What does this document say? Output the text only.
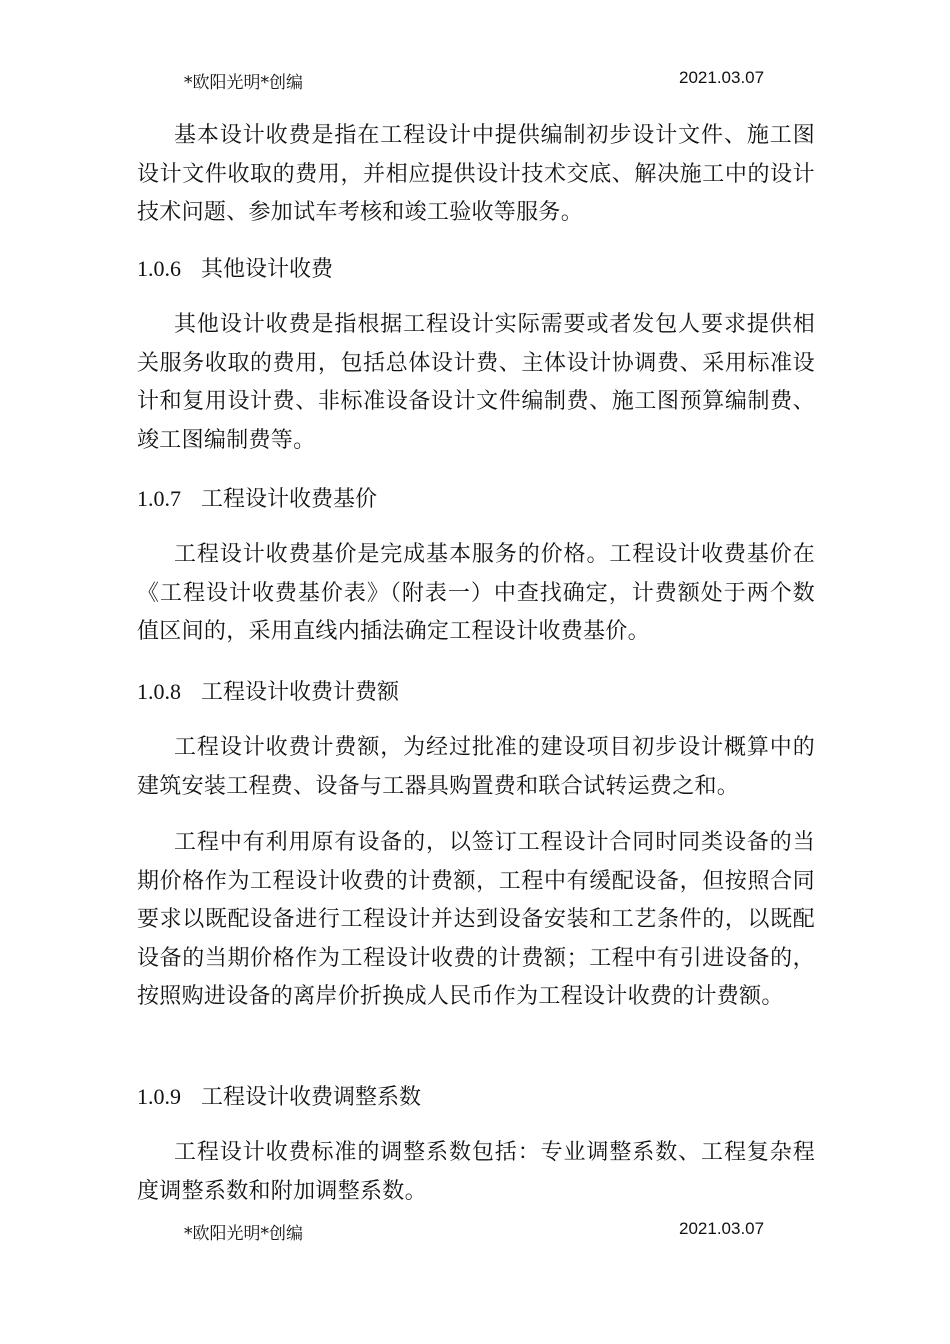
*欧阳光明*创编	2021.03.07
基本设计收费是指在工程设计中提供编制初步设计文件、施工图设计文件收取的费用，并相应提供设计技术交底、解决施工中的设计技术问题、参加试车考核和竣工验收等服务。
1.0.6 其他设计收费
其他设计收费是指根据工程设计实际需要或者发包人要求提供相关服务收取的费用，包括总体设计费、主体设计协调费、采用标准设计和复用设计费、非标准设备设计文件编制费、施工图预算编制费、竣工图编制费等。
1.0.7 工程设计收费基价
工程设计收费基价是完成基本服务的价格。工程设计收费基价在《工程设计收费基价表》（附表一）中查找确定，计费额处于两个数值区间的，采用直线内插法确定工程设计收费基价。
1.0.8 工程设计收费计费额
工程设计收费计费额，为经过批准的建设项目初步设计概算中的建筑安装工程费、设备与工器具购置费和联合试转运费之和。
工程中有利用原有设备的，以签订工程设计合同时同类设备的当期价格作为工程设计收费的计费额，工程中有缓配设备，但按照合同要求以既配设备进行工程设计并达到设备安装和工艺条件的，以既配设备的当期价格作为工程设计收费的计费额；工程中有引进设备的，按照购进设备的离岸价折换成人民币作为工程设计收费的计费额。
1.0.9 工程设计收费调整系数
工程设计收费标准的调整系数包括：专业调整系数、工程复杂程度调整系数和附加调整系数。
*欧阳光明*创编	2021.03.07
